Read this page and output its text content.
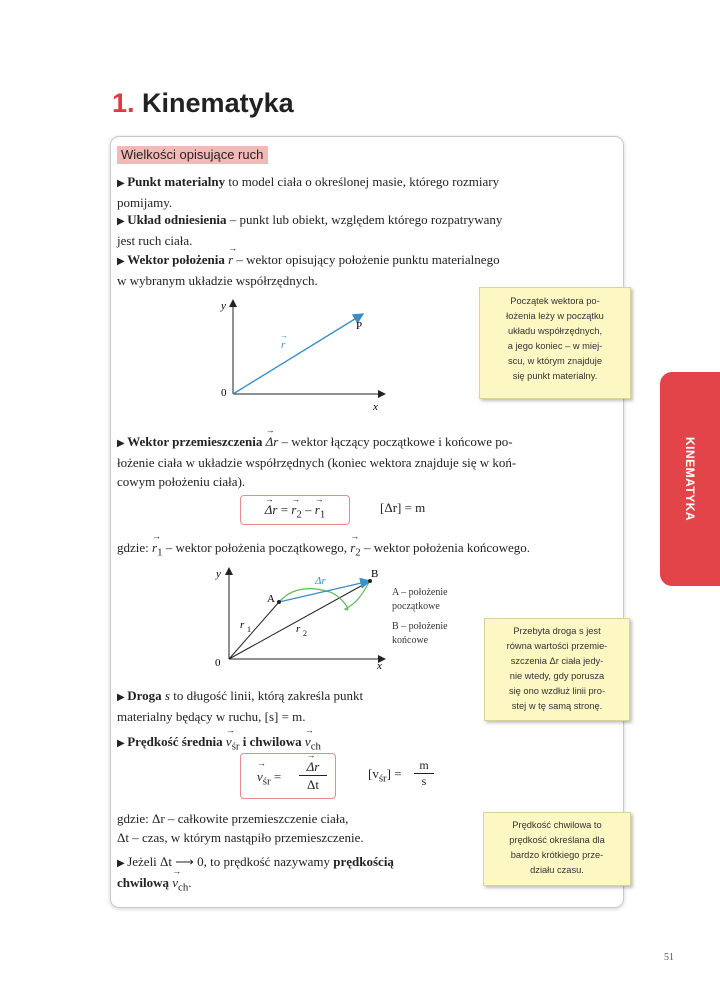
1. Kinematyka
Wielkości opisujące ruch
▶ Punkt materialny to model ciała o określonej masie, którego rozmiary
pomijamy.
▶ Układ odniesienia – punkt lub obiekt, względem którego rozpatrywany
jest ruch ciała.
▶ Wektor położenia → r – wektor opisujący położenie punktu materialnego
w wybranym układzie współrzędnych.
y
x
0
P
r
→
Początek wektora po-
łożenia leży w początku
układu współrzędnych,
a jego koniec – w miej-
scu, w którym znajduje
się punkt materialny.
▶ Wektor przemieszczenia → Δr – wektor łączący początkowe i końcowe po-
łożenie ciała w układzie współrzędnych (koniec wektora znajduje się w koń-
cowym położeniu ciała).
→ Δr = → $r_2$ – → $r_1$	[Δr] = m
gdzie: → $r_1$ – wektor położenia początkowego, → $r_2$ – wektor położenia końcowego.
y
x
0
A
B
Δr
r 1	r 2
A – położenie
początkowe
B – położenie
końcowe
Przebyta droga s jest
równa wartości przemie-
szczenia Δr ciała jedy-
nie wtedy, gdy porusza
się ono wzdłuż linii pro-
stej w tę samą stronę.
▶ Droga s to długość linii, którą zakreśla punkt
materialny będący w ruchu, [s] = m.
▶ Prędkość średnia → $v_{śr}$ i chwilowa → $v_{ch}$
→ $v_{śr}$ =
→ Δr
Δt
$[v_{śr}] = \frac{m}{s}$
gdzie: Δr – całkowite przemieszczenie ciała,
Δt – czas, w którym nastąpiło przemieszczenie.
▶ Jeżeli Δt ⟶ 0, to prędkość nazywamy prędkością
chwilową → $v_{ch}$.
Prędkość chwilowa to
prędkość określana dla
bardzo krótkiego prze-
działu czasu.
KINEMATYKA
51
